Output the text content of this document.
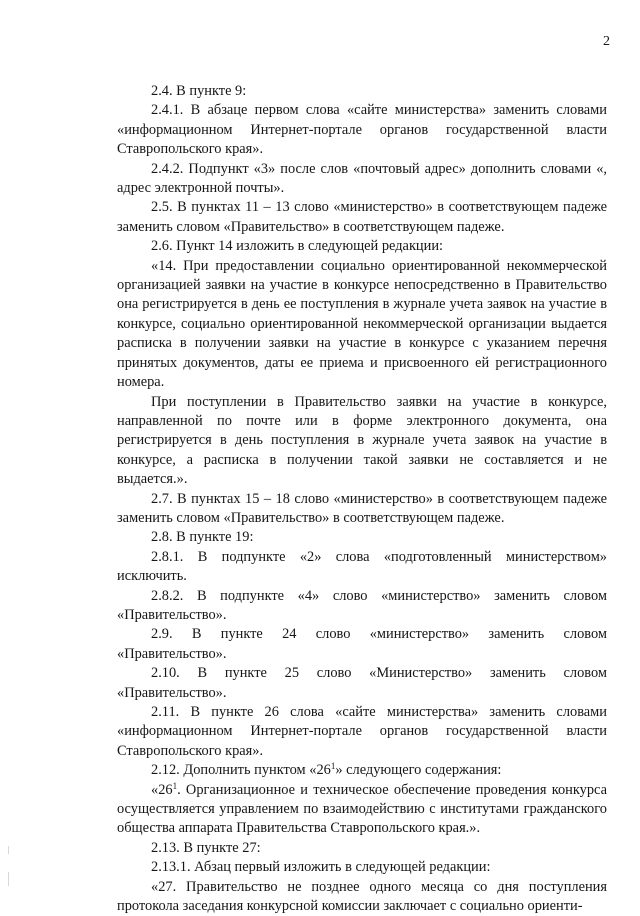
2

2.4. В пункте 9:

2.4.1. В абзаце первом слова «сайте министерства» заменить словами «информационном Интернет-портале органов государственной власти Ставропольского края».

2.4.2. Подпункт «3» после слов «почтовый адрес» дополнить словами «, адрес электронной почты».

2.5. В пунктах 11 – 13 слово «министерство» в соответствующем падеже заменить словом «Правительство» в соответствующем падеже.

2.6. Пункт 14 изложить в следующей редакции:

«14. При предоставлении социально ориентированной некоммерческой организацией заявки на участие в конкурсе непосредственно в Правительство она регистрируется в день ее поступления в журнале учета заявок на участие в конкурсе, социально ориентированной некоммерческой организации выдается расписка в получении заявки на участие в конкурсе с указанием перечня принятых документов, даты ее приема и присвоенного ей регистрационного номера.

При поступлении в Правительство заявки на участие в конкурсе, направленной по почте или в форме электронного документа, она регистрируется в день поступления в журнале учета заявок на участие в конкурсе, а расписка в получении такой заявки не составляется и не выдается.».

2.7. В пунктах 15 – 18 слово «министерство» в соответствующем падеже заменить словом «Правительство» в соответствующем падеже.

2.8. В пункте 19:

2.8.1. В подпункте «2» слова «подготовленный министерством» исключить.

2.8.2. В подпункте «4» слово «министерство» заменить словом «Правительство».

2.9. В пункте 24 слово «министерство» заменить словом «Правительство».

2.10. В пункте 25 слово «Министерство» заменить словом «Правительство».

2.11. В пункте 26 слова «сайте министерства» заменить словами «информационном Интернет-портале органов государственной власти Ставропольского края».

2.12. Дополнить пунктом «$26^1$» следующего содержания:

«$26^1$. Организационное и техническое обеспечение проведения конкурса осуществляется управлением по взаимодействию с институтами гражданского общества аппарата Правительства Ставропольского края.».

2.13. В пункте 27:

2.13.1. Абзац первый изложить в следующей редакции:

«27. Правительство не позднее одного месяца со дня поступления протокола заседания конкурсной комиссии заключает с социально ориенти-
